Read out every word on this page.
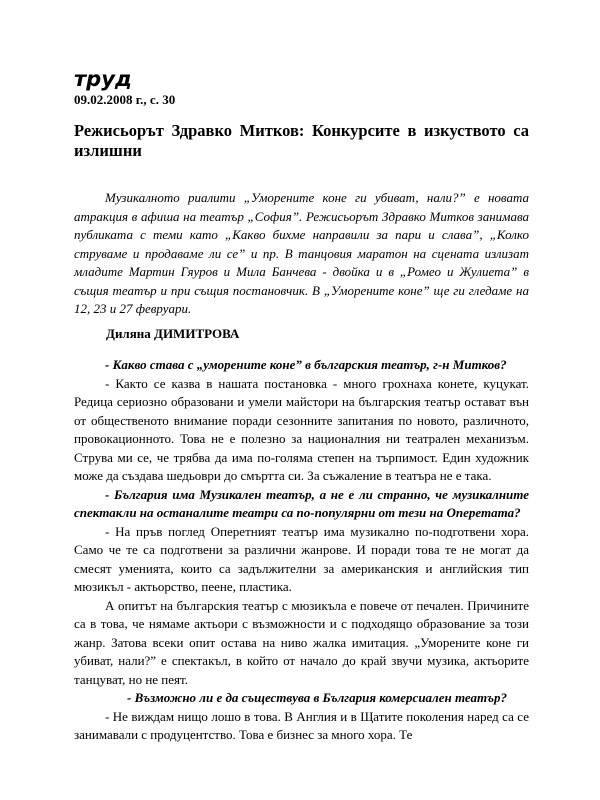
труд
09.02.2008 г., с. 30
Режисьорът Здравко Митков: Конкурсите в изкуството са излишни

Музикалното риалити „Уморените коне ги убиват, нали?” е новата атракция в афиша на театър „София”. Режисьорът Здравко Митков занимава публиката с теми като „Какво бихме направили за пари и слава”, „Колко струваме и продаваме ли се” и пр. В танцовия маратон на сцената излизат младите Мартин Гяуров и Мила Банчева - двойка и в „Ромео и Жулиета” в същия театър и при същия постановчик. В „Уморените коне” ще ги гледаме на 12, 23 и 27 февруари.

Диляна ДИМИТРОВА

- Какво става с „уморените коне” в българския театър, г-н Митков?

- Както се казва в нашата постановка - много грохнаха конете, куцукат. Редица сериозно образовани и умели майстори на българския театър остават вън от общественото внимание поради сезонните запитания по новото, различното, провокационното. Това не е полезно за националния ни театрален механизъм. Струва ми се, че трябва да има по-голяма степен на търпимост. Един художник може да създава шедьоври до смъртта си. За съжаление в театъра не е така.

- България има Музикален театър, а не е ли странно, че музикалните спектакли на останалите театри са по-популярни от тези на Оперетата?

- На пръв поглед Оперетният театър има музикално по-подготвени хора. Само че те са подготвени за различни жанрове. И поради това те не могат да смесят уменията, които са задължителни за американския и английския тип мюзикъл - актьорство, пеене, пластика.

А опитът на българския театър с мюзикъла е повече от печален. Причините са в това, че нямаме актьори с възможности и с подходящо образование за този жанр. Затова всеки опит остава на ниво жалка имитация. „Уморените коне ги убиват, нали?” е спектакъл, в който от начало до край звучи музика, актьорите танцуват, но не пеят.

- Възможно ли е да съществува в България комерсиален театър?

- Не виждам нищо лошо в това. В Англия и в Щатите поколения наред са се занимавали с продуцентство. Това е бизнес за много хора. Те
